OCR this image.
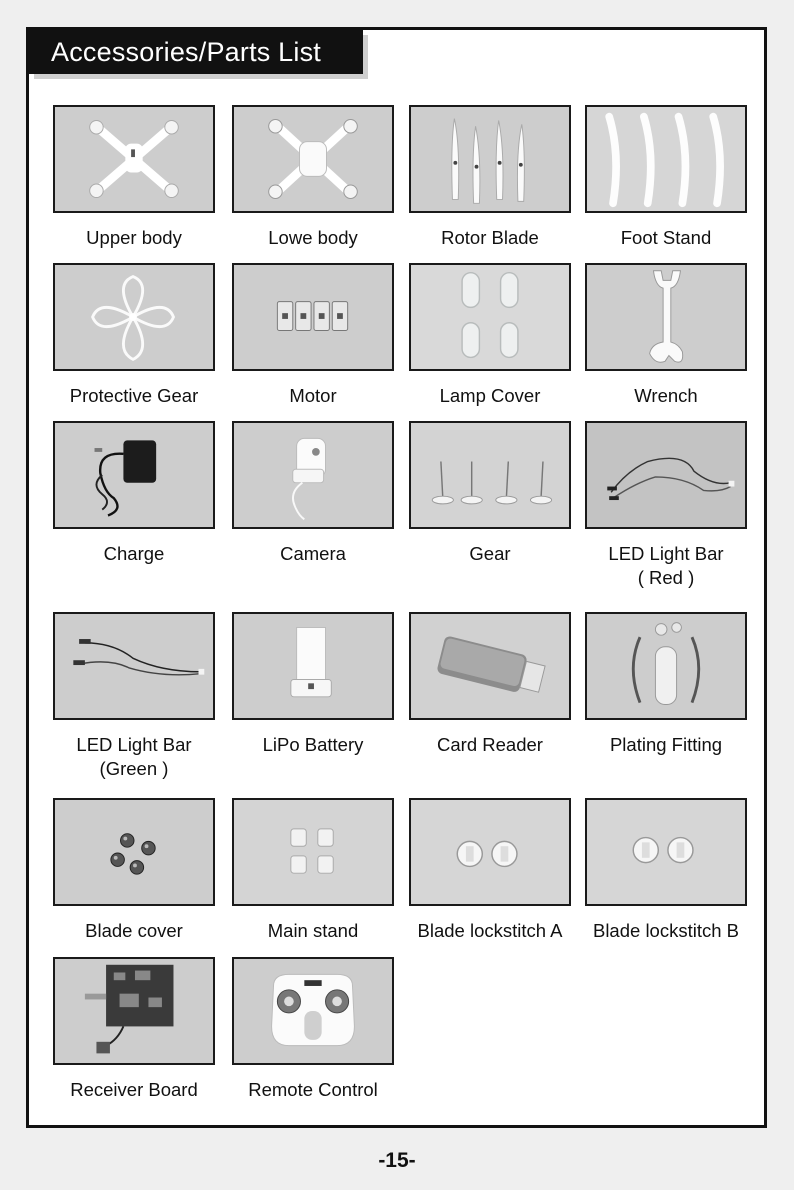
Accessories/Parts List
Upper body	Lowe body	Rotor Blade	Foot Stand
Protective Gear	Motor	Lamp Cover	Wrench
Charge	Camera	Gear	LED Light Bar
( Red )
LED Light Bar
(Green )
LiPo Battery	Card Reader	Plating Fitting
Blade cover	Main stand	Blade lockstitch A	Blade lockstitch B
Receiver Board	Remote Control
-15-
